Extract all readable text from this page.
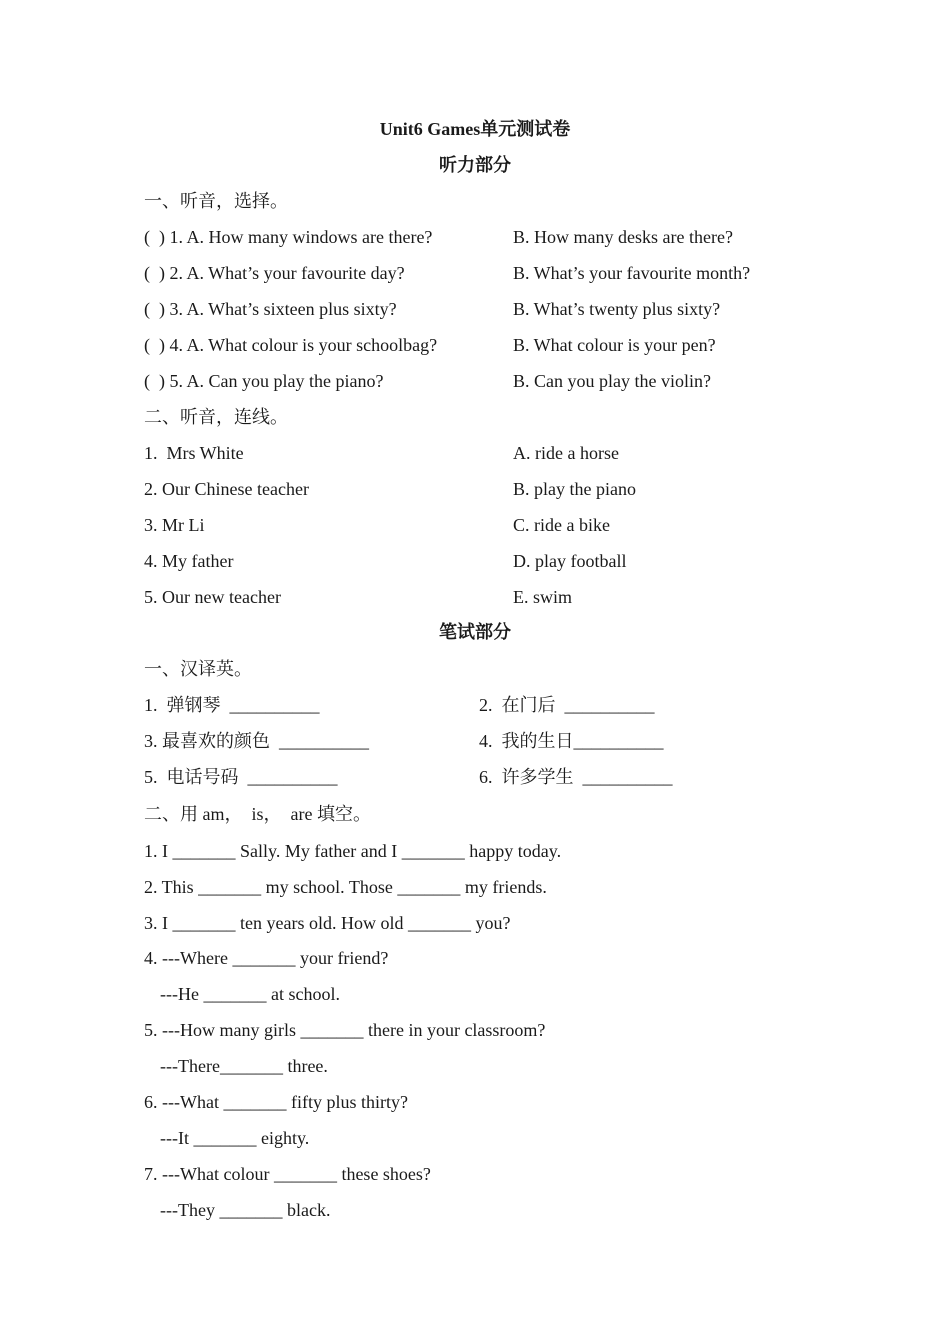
Unit6 Games单元测试卷
听力部分
一、听音，选择。
(  ) 1. A. How many windows are there?	B. How many desks are there?
(  ) 2. A. What’s your favourite day?	B. What’s your favourite month?
(  ) 3. A. What’s sixteen plus sixty?	B. What’s twenty plus sixty?
(  ) 4. A. What colour is your schoolbag?	B. What colour is your pen?
(  ) 5. A. Can you play the piano?	B. Can you play the violin?
二、听音，连线。
1.  Mrs White	A. ride a horse
2. Our Chinese teacher	B. play the piano
3. Mr Li	C. ride a bike
4. My father	D. play football
5. Our new teacher	E. swim
笔试部分
一、汉译英。
1.  弹钢琴  __________	2.  在门后  __________
3. 最喜欢的颜色  __________	4.  我的生日__________
5.  电话号码  __________	6.  许多学生  __________
二、用 am，  is，  are 填空。
1. I _______ Sally. My father and I _______ happy today.
2. This _______ my school. Those _______ my friends.
3. I _______ ten years old. How old _______ you?
4. ---Where _______ your friend?
---He _______ at school.
5. ---How many girls _______ there in your classroom?
---There_______ three.
6. ---What _______ fifty plus thirty?
---It _______ eighty.
7. ---What colour _______ these shoes?
---They _______ black.
